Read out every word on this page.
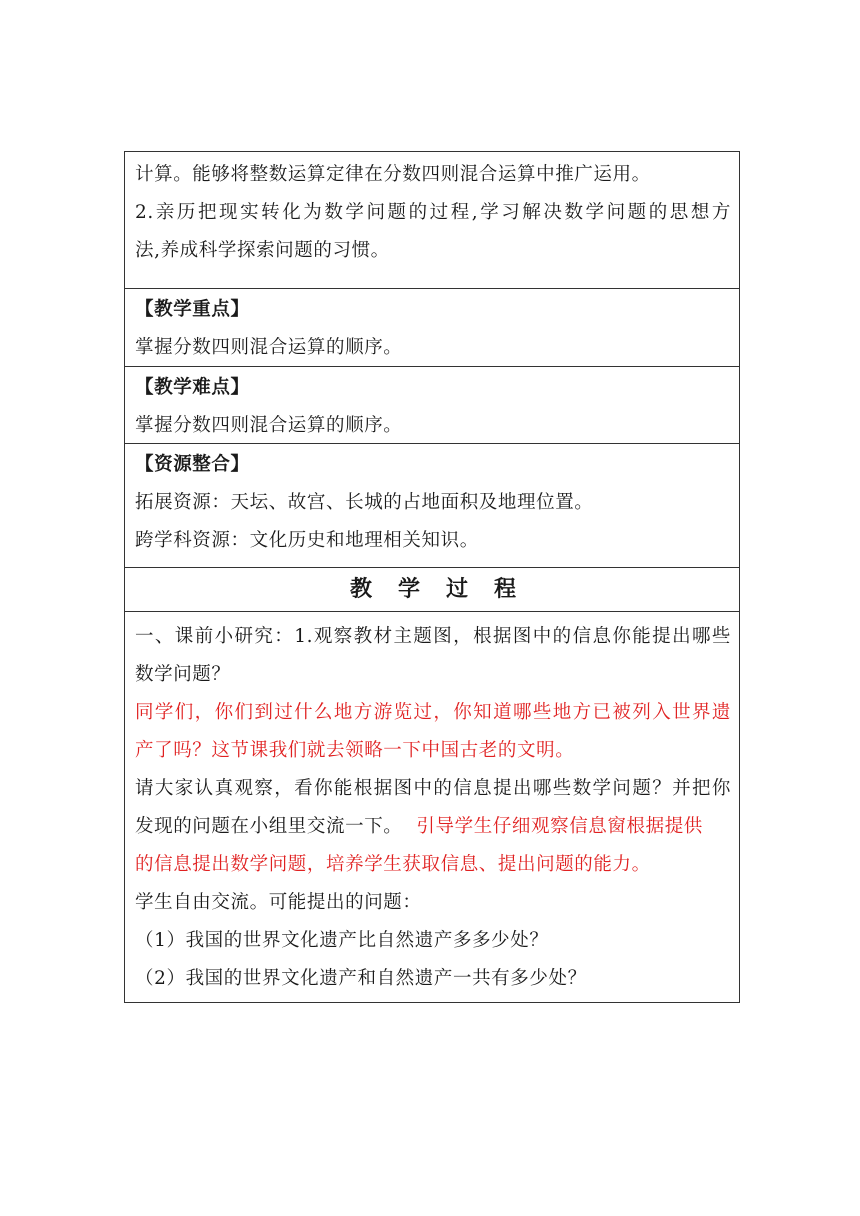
计算。能够将整数运算定律在分数四则混合运算中推广运用。
2.亲历把现实转化为数学问题的过程,学习解决数学问题的思想方
法,养成科学探索问题的习惯。
【教学重点】
掌握分数四则混合运算的顺序。
【教学难点】
掌握分数四则混合运算的顺序。
【资源整合】
拓展资源：天坛、故宫、长城的占地面积及地理位置。
跨学科资源：文化历史和地理相关知识。
教学过程
一、课前小研究：1.观察教材主题图，根据图中的信息你能提出哪些
数学问题？
同学们，你们到过什么地方游览过，你知道哪些地方已被列入世界遗
产了吗？这节课我们就去领略一下中国古老的文明。
请大家认真观察，看你能根据图中的信息提出哪些数学问题？并把你
发现的问题在小组里交流一下。 引导学生仔细观察信息窗根据提供
的信息提出数学问题，培养学生获取信息、提出问题的能力。
学生自由交流。可能提出的问题：
（1）我国的世界文化遗产比自然遗产多多少处？
（2）我国的世界文化遗产和自然遗产一共有多少处？
